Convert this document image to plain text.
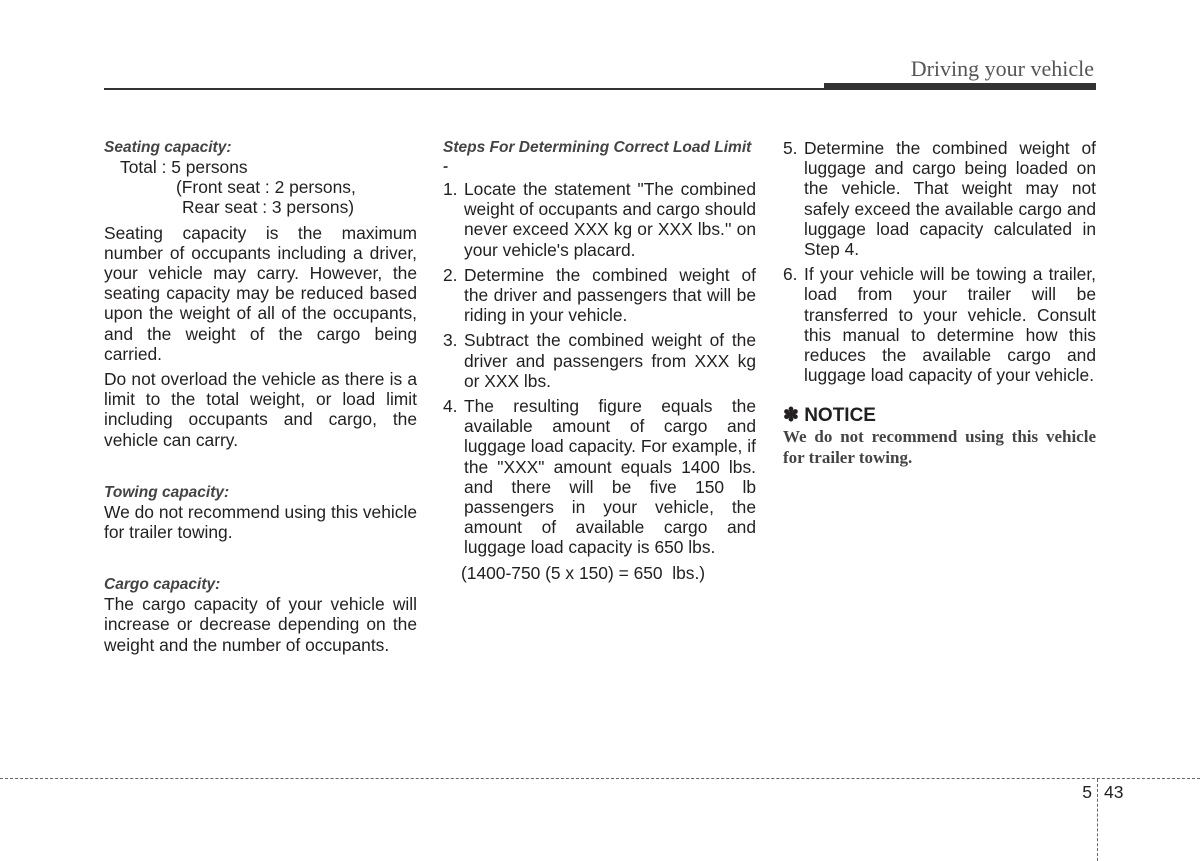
Driving your vehicle
Seating capacity:
Total : 5 persons
(Front seat : 2 persons,
Rear seat : 3 persons)

Seating capacity is the maximum number of occupants including a driver, your vehicle may carry. However, the seating capacity may be reduced based upon the weight of all of the occupants, and the weight of the cargo being carried.

Do not overload the vehicle as there is a limit to the total weight, or load limit including occupants and cargo, the vehicle can carry.

Towing capacity:

We do not recommend using this vehicle for trailer towing.

Cargo capacity:

The cargo capacity of your vehicle will increase or decrease depending on the weight and the number of occupants.

Steps For Determining Correct Load Limit -
1. Locate the statement "The combined weight of occupants and cargo should never exceed XXX kg or XXX lbs.'' on your vehicle's placard.
2. Determine the combined weight of the driver and passengers that will be riding in your vehicle.
3. Subtract the combined weight of the driver and passengers from XXX kg or XXX lbs.
4. The resulting figure equals the available amount of cargo and luggage load capacity. For example, if the "XXX" amount equals 1400 lbs. and there will be five 150 lb passengers in your vehicle, the amount of available cargo and luggage load capacity is 650 lbs.
(1400-750 (5 x 150) = 650  lbs.)
5. Determine the combined weight of luggage and cargo being loaded on the vehicle. That weight may not safely exceed the available cargo and luggage load capacity calculated in Step 4.
6. If your vehicle will be towing a trailer, load from your trailer will be transferred to your vehicle. Consult this manual to determine how this reduces the available cargo and luggage load capacity of your vehicle.
✽ NOTICE
We do not recommend using this vehicle for trailer towing.
5 43
